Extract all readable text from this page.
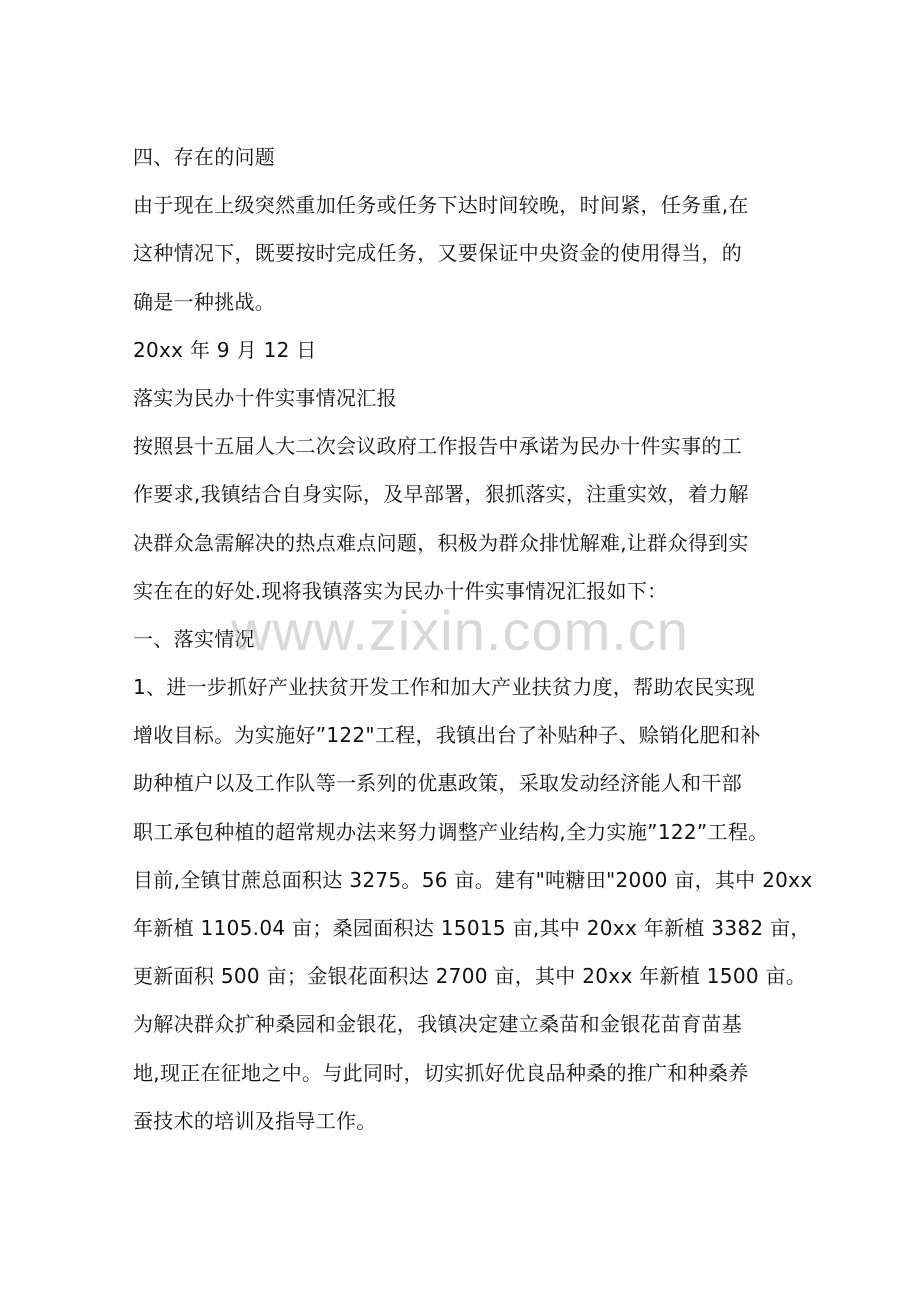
四、存在的问题
由于现在上级突然重加任务或任务下达时间较晚，时间紧，任务重,在
这种情况下，既要按时完成任务，又要保证中央资金的使用得当，的
确是一种挑战。
20xx 年 9 月 12 日
落实为民办十件实事情况汇报
按照县十五届人大二次会议政府工作报告中承诺为民办十件实事的工
作要求,我镇结合自身实际，及早部署，狠抓落实，注重实效，着力解
决群众急需解决的热点难点问题，积极为群众排忧解难,让群众得到实
实在在的好处.现将我镇落实为民办十件实事情况汇报如下：
一、落实情况
1、进一步抓好产业扶贫开发工作和加大产业扶贫力度，帮助农民实现
增收目标。为实施好”122"工程，我镇出台了补贴种子、赊销化肥和补
助种植户以及工作队等一系列的优惠政策，采取发动经济能人和干部
职工承包种植的超常规办法来努力调整产业结构,全力实施”122”工程。
目前,全镇甘蔗总面积达 3275。56 亩。建有"吨糖田"2000 亩，其中 20xx
年新植 1105.04 亩；桑园面积达 15015 亩,其中 20xx 年新植 3382 亩，
更新面积 500 亩；金银花面积达 2700 亩，其中 20xx 年新植 1500 亩。
为解决群众扩种桑园和金银花，我镇决定建立桑苗和金银花苗育苗基
地,现正在征地之中。与此同时，切实抓好优良品种桑的推广和种桑养
蚕技术的培训及指导工作。
www.zixin.com.cn
